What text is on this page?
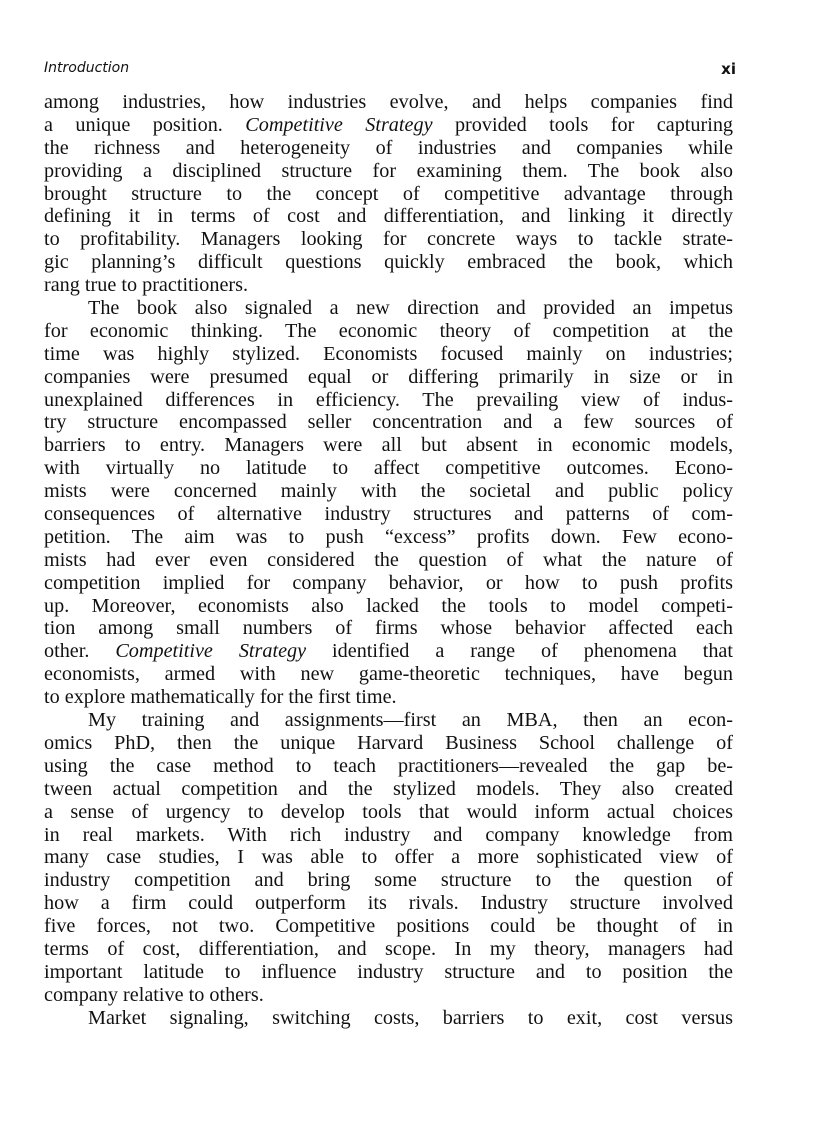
Introduction	xi
among industries, how industries evolve, and helps companies find
a unique position. Competitive Strategy provided tools for capturing
the richness and heterogeneity of industries and companies while
providing a disciplined structure for examining them. The book also
brought structure to the concept of competitive advantage through
defining it in terms of cost and differentiation, and linking it directly
to profitability. Managers looking for concrete ways to tackle strate-
gic planning’s difficult questions quickly embraced the book, which
rang true to practitioners.
The book also signaled a new direction and provided an impetus
for economic thinking. The economic theory of competition at the
time was highly stylized. Economists focused mainly on industries;
companies were presumed equal or differing primarily in size or in
unexplained differences in efficiency. The prevailing view of indus-
try structure encompassed seller concentration and a few sources of
barriers to entry. Managers were all but absent in economic models,
with virtually no latitude to affect competitive outcomes. Econo-
mists were concerned mainly with the societal and public policy
consequences of alternative industry structures and patterns of com-
petition. The aim was to push “excess” profits down. Few econo-
mists had ever even considered the question of what the nature of
competition implied for company behavior, or how to push profits
up. Moreover, economists also lacked the tools to model competi-
tion among small numbers of firms whose behavior affected each
other. Competitive Strategy identified a range of phenomena that
economists, armed with new game-theoretic techniques, have begun
to explore mathematically for the first time.
My training and assignments—first an MBA, then an econ-
omics PhD, then the unique Harvard Business School challenge of
using the case method to teach practitioners—revealed the gap be-
tween actual competition and the stylized models. They also created
a sense of urgency to develop tools that would inform actual choices
in real markets. With rich industry and company knowledge from
many case studies, I was able to offer a more sophisticated view of
industry competition and bring some structure to the question of
how a firm could outperform its rivals. Industry structure involved
five forces, not two. Competitive positions could be thought of in
terms of cost, differentiation, and scope. In my theory, managers had
important latitude to influence industry structure and to position the
company relative to others.
Market signaling, switching costs, barriers to exit, cost versus
